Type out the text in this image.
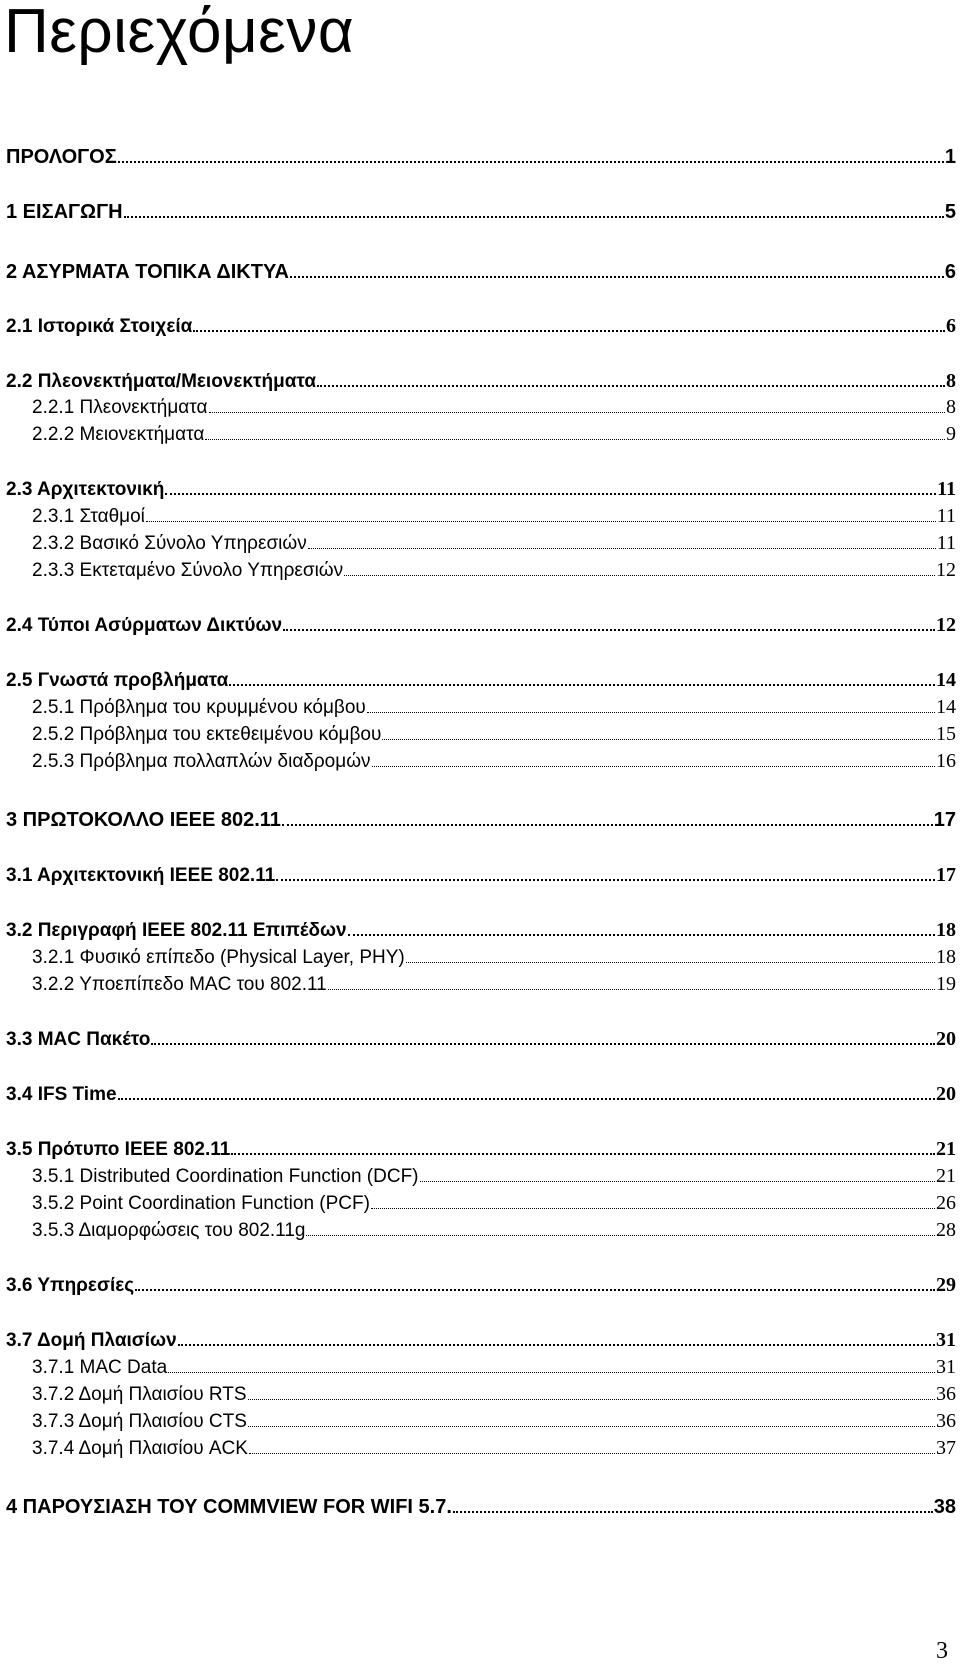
Περιεχόμενα
ΠΡΟΛΟΓΟΣ	1
1 ΕΙΣΑΓΩΓΗ	5
2 ΑΣΥΡΜΑΤΑ ΤΟΠΙΚΑ ΔΙΚΤΥΑ	6
2.1 Ιστορικά Στοιχεία	6
2.2 Πλεονεκτήματα/Μειονεκτήματα	8
2.2.1 Πλεονεκτήματα	8
2.2.2 Μειονεκτήματα	9
2.3 Αρχιτεκτονική	11
2.3.1 Σταθμοί	11
2.3.2 Βασικό Σύνολο Υπηρεσιών	11
2.3.3 Εκτεταμένο Σύνολο Υπηρεσιών	12
2.4 Τύποι Ασύρματων Δικτύων	12
2.5 Γνωστά προβλήματα	14
2.5.1 Πρόβλημα του κρυμμένου κόμβου	14
2.5.2 Πρόβλημα του εκτεθειμένου κόμβου	15
2.5.3 Πρόβλημα πολλαπλών διαδρομών	16
3 ΠΡΩΤΟΚΟΛΛΟ IEEE 802.11	17
3.1 Αρχιτεκτονική IEEE 802.11	17
3.2 Περιγραφή IEEE 802.11 Επιπέδων	18
3.2.1 Φυσικό επίπεδο (Physical Layer, PHY)	18
3.2.2 Υποεπίπεδο MAC του 802.11	19
3.3 MAC Πακέτο	20
3.4 IFS Time	20
3.5 Πρότυπο IEEE 802.11	21
3.5.1 Distributed Coordination Function (DCF)	21
3.5.2 Point Coordination Function (PCF)	26
3.5.3 Διαμορφώσεις του 802.11g	28
3.6 Υπηρεσίες	29
3.7 Δομή Πλαισίων	31
3.7.1 MAC Data	31
3.7.2 Δομή Πλαισίου RTS	36
3.7.3 Δομή Πλαισίου CTS	36
3.7.4 Δομή Πλαισίου ACK	37
4 ΠΑΡΟΥΣΙΑΣΗ ΤΟΥ COMMVIEW FOR WIFI 5.7.	38
3
